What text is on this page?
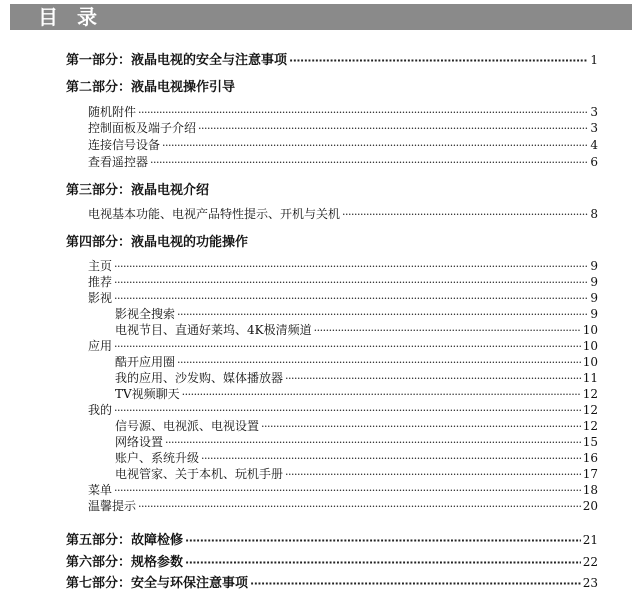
目 录
第一部分：液晶电视的安全与注意事项 ·····	1
第二部分：液晶电视操作引导
随机附件 ·····	3
控制面板及端子介绍 ·····	3
连接信号设备 ·····	4
查看遥控器 ·····	6
第三部分：液晶电视介绍
电视基本功能、电视产品特性提示、开机与关机 ·····	8
第四部分：液晶电视的功能操作
主页 ·····	9
推荐 ·····	9
影视 ·····	9
影视全搜索 ·····	9
电视节目、直通好莱坞、4K极清频道 ·····	10
应用 ·····	10
酷开应用圈 ·····	10
我的应用、沙发购、媒体播放器 ·····	11
TV视频聊天 ·····	12
我的 ·····	12
信号源、电视派、电视设置 ·····	12
网络设置 ·····	15
账户、系统升级 ·····	16
电视管家、关于本机、玩机手册 ·····	17
菜单 ·····	18
温馨提示 ·····	20
第五部分：故障检修 ·····	21
第六部分：规格参数 ·····	22
第七部分：安全与环保注意事项 ·····	23
